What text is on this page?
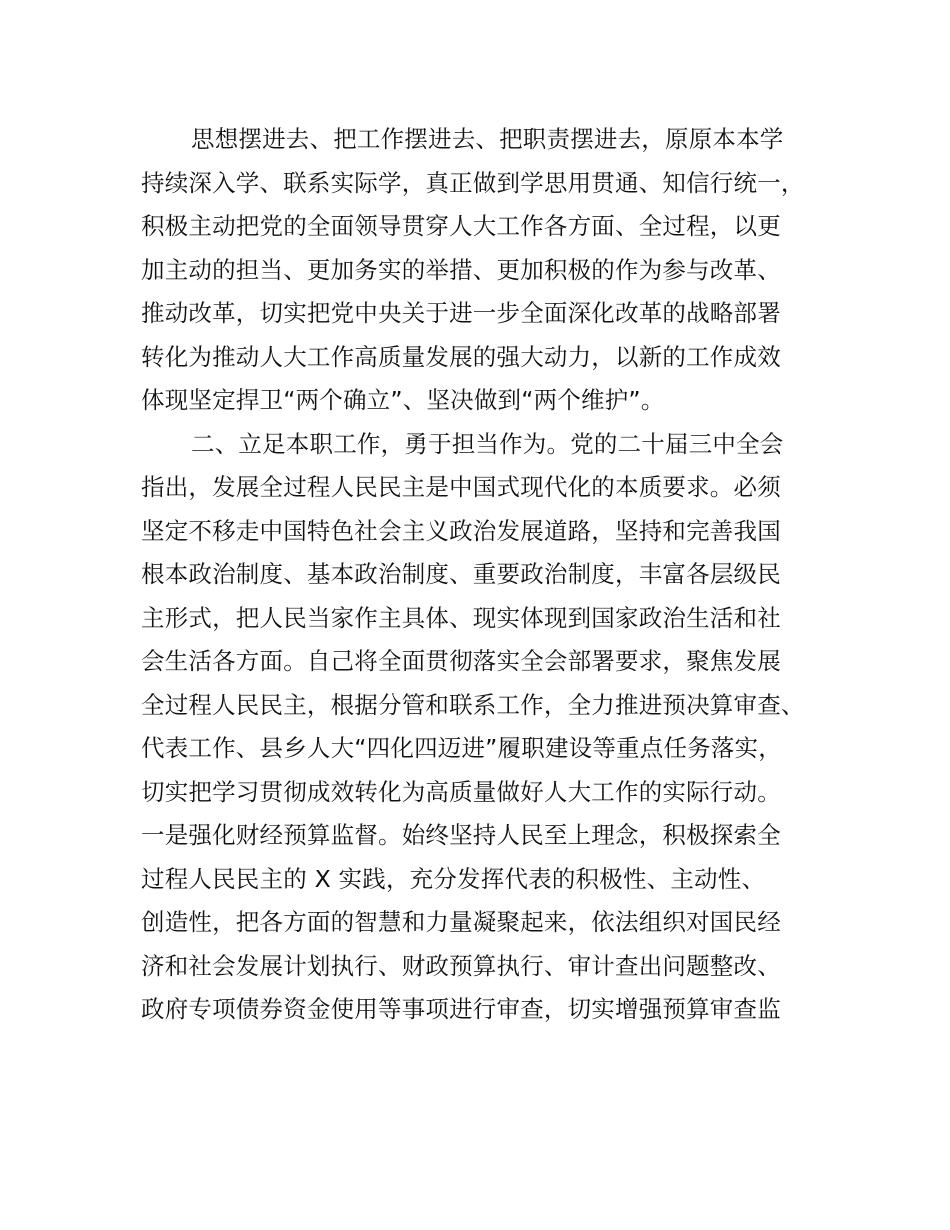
思想摆进去、把工作摆进去、把职责摆进去，原原本本学
持续深入学、联系实际学，真正做到学思用贯通、知信行统一，
积极主动把党的全面领导贯穿人大工作各方面、全过程，以更
加主动的担当、更加务实的举措、更加积极的作为参与改革、
推动改革，切实把党中央关于进一步全面深化改革的战略部署
转化为推动人大工作高质量发展的强大动力，以新的工作成效
体现坚定捍卫“两个确立”、坚决做到“两个维护”。
二、立足本职工作，勇于担当作为。党的二十届三中全会
指出，发展全过程人民民主是中国式现代化的本质要求。必须
坚定不移走中国特色社会主义政治发展道路，坚持和完善我国
根本政治制度、基本政治制度、重要政治制度，丰富各层级民
主形式，把人民当家作主具体、现实体现到国家政治生活和社
会生活各方面。自己将全面贯彻落实全会部署要求，聚焦发展
全过程人民民主，根据分管和联系工作，全力推进预决算审查、
代表工作、县乡人大“四化四迈进”履职建设等重点任务落实，
切实把学习贯彻成效转化为高质量做好人大工作的实际行动。
一是强化财经预算监督。始终坚持人民至上理念，积极探索全
过程人民民主的 X 实践，充分发挥代表的积极性、主动性、
创造性，把各方面的智慧和力量凝聚起来，依法组织对国民经
济和社会发展计划执行、财政预算执行、审计查出问题整改、
政府专项债券资金使用等事项进行审查，切实增强预算审查监
